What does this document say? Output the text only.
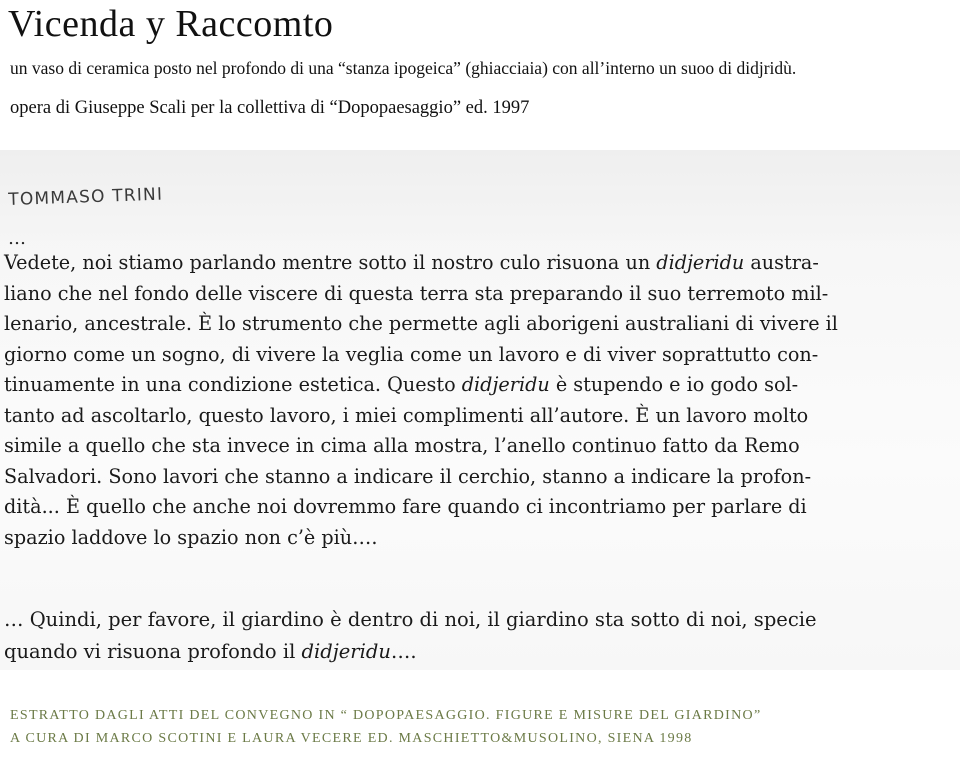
Vicenda y Raccomto
un vaso di ceramica posto nel profondo di una “stanza ipogeica” (ghiacciaia) con all’interno un suoo di didjridù.
opera di Giuseppe Scali per la collettiva di “Dopopaesaggio” ed. 1997
TOMMASO TRINI
…
Vedete, noi stiamo parlando mentre sotto il nostro culo risuona un didjeridu austra-
liano che nel fondo delle viscere di questa terra sta preparando il suo terremoto mil-
lenario, ancestrale. È lo strumento che permette agli aborigeni australiani di vivere il
giorno come un sogno, di vivere la veglia come un lavoro e di viver soprattutto con-
tinuamente in una condizione estetica. Questo didjeridu è stupendo e io godo sol-
tanto ad ascoltarlo, questo lavoro, i miei complimenti all’autore. È un lavoro molto
simile a quello che sta invece in cima alla mostra, l’anello continuo fatto da Remo
Salvadori. Sono lavori che stanno a indicare il cerchio, stanno a indicare la profon-
dità... È quello che anche noi dovremmo fare quando ci incontriamo per parlare di
spazio laddove lo spazio non c’è più….
… Quindi, per favore, il giardino è dentro di noi, il giardino sta sotto di noi, specie
quando vi risuona profondo il didjeridu….
ESTRATTO DAGLI ATTI DEL CONVEGNO IN “ DOPOPAESAGGIO. FIGURE E MISURE DEL GIARDINO”
A CURA DI MARCO SCOTINI E LAURA VECERE ED. MASCHIETTO&MUSOLINO, SIENA 1998
